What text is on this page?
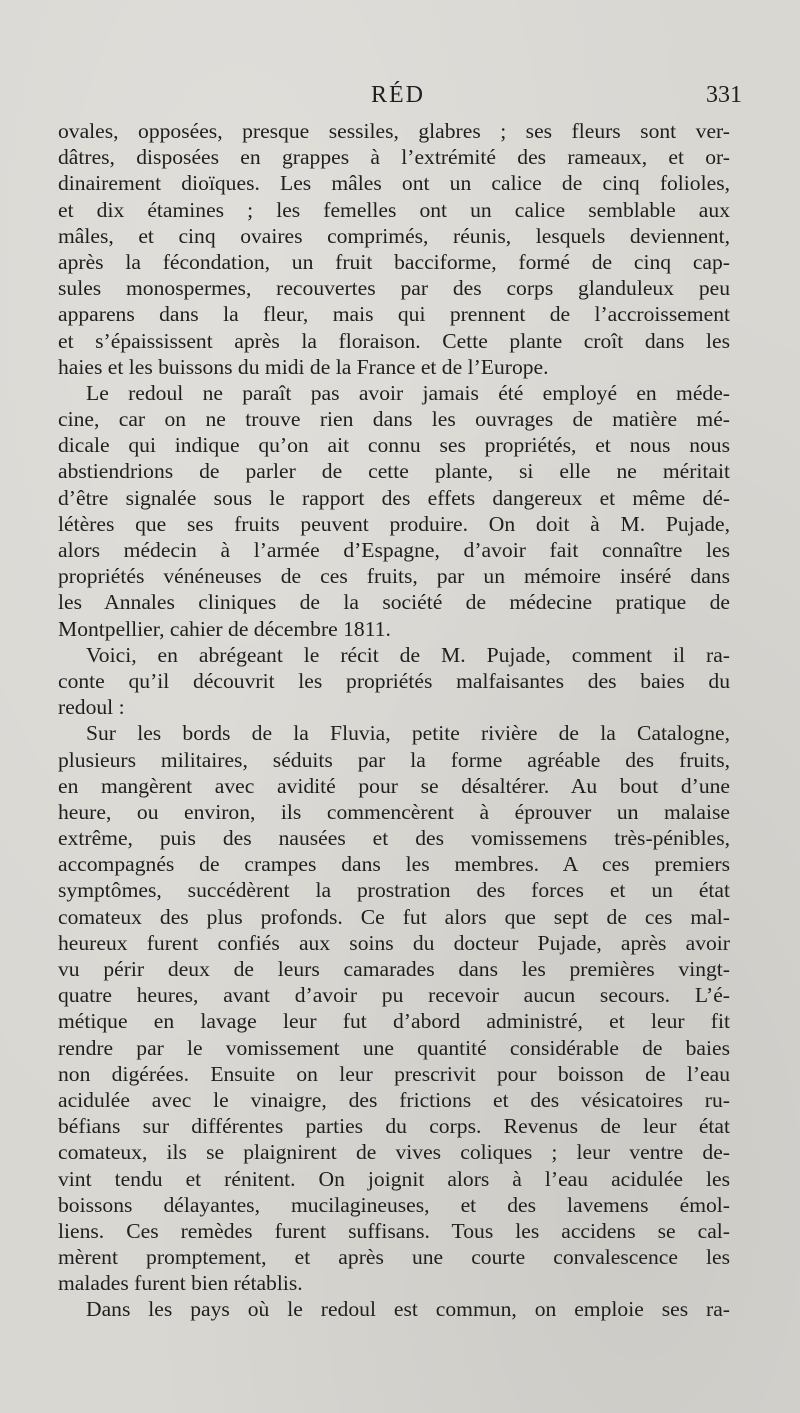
RÉD	331
ovales, opposées, presque sessiles, glabres ; ses fleurs sont ver-
dâtres, disposées en grappes à l’extrémité des rameaux, et or-
dinairement dioïques. Les mâles ont un calice de cinq folioles,
et dix étamines ; les femelles ont un calice semblable aux
mâles, et cinq ovaires comprimés, réunis, lesquels deviennent,
après la fécondation, un fruit bacciforme, formé de cinq cap-
sules monospermes, recouvertes par des corps glanduleux peu
apparens dans la fleur, mais qui prennent de l’accroissement
et s’épaississent après la floraison. Cette plante croît dans les
haies et les buissons du midi de la France et de l’Europe.
Le redoul ne paraît pas avoir jamais été employé en méde-
cine, car on ne trouve rien dans les ouvrages de matière mé-
dicale qui indique qu’on ait connu ses propriétés, et nous nous
abstiendrions de parler de cette plante, si elle ne méritait
d’être signalée sous le rapport des effets dangereux et même dé-
létères que ses fruits peuvent produire. On doit à M. Pujade,
alors médecin à l’armée d’Espagne, d’avoir fait connaître les
propriétés vénéneuses de ces fruits, par un mémoire inséré dans
les Annales cliniques de la société de médecine pratique de
Montpellier, cahier de décembre 1811.
Voici, en abrégeant le récit de M. Pujade, comment il ra-
conte qu’il découvrit les propriétés malfaisantes des baies du
redoul :
Sur les bords de la Fluvia, petite rivière de la Catalogne,
plusieurs militaires, séduits par la forme agréable des fruits,
en mangèrent avec avidité pour se désaltérer. Au bout d’une
heure, ou environ, ils commencèrent à éprouver un malaise
extrême, puis des nausées et des vomissemens très-pénibles,
accompagnés de crampes dans les membres. A ces premiers
symptômes, succédèrent la prostration des forces et un état
comateux des plus profonds. Ce fut alors que sept de ces mal-
heureux furent confiés aux soins du docteur Pujade, après avoir
vu périr deux de leurs camarades dans les premières vingt-
quatre heures, avant d’avoir pu recevoir aucun secours. L’é-
métique en lavage leur fut d’abord administré, et leur fit
rendre par le vomissement une quantité considérable de baies
non digérées. Ensuite on leur prescrivit pour boisson de l’eau
acidulée avec le vinaigre, des frictions et des vésicatoires ru-
béfians sur différentes parties du corps. Revenus de leur état
comateux, ils se plaignirent de vives coliques ; leur ventre de-
vint tendu et rénitent. On joignit alors à l’eau acidulée les
boissons délayantes, mucilagineuses, et des lavemens émol-
liens. Ces remèdes furent suffisans. Tous les accidens se cal-
mèrent promptement, et après une courte convalescence les
malades furent bien rétablis.
Dans les pays où le redoul est commun, on emploie ses ra-
